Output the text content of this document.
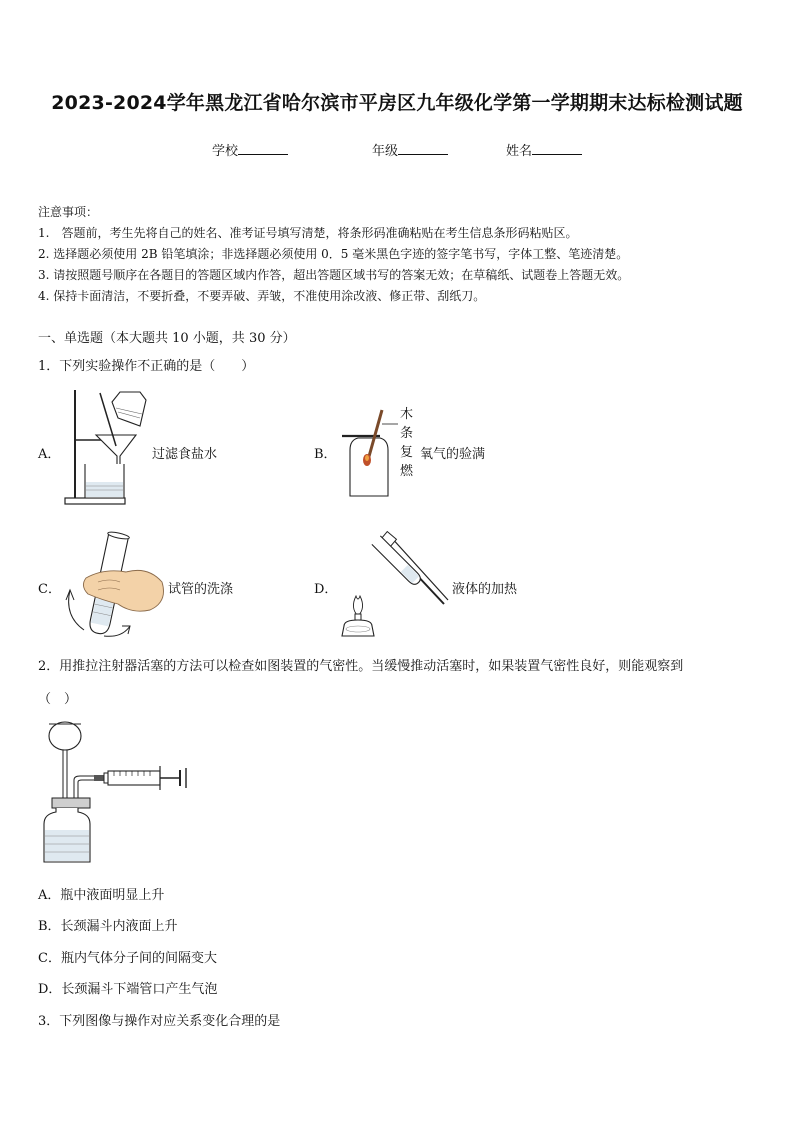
2023-2024学年黑龙江省哈尔滨市平房区九年级化学第一学期期末达标检测试题
学校	年级	姓名
注意事项：
1.　答题前，考生先将自己的姓名、准考证号填写清楚，将条形码准确粘贴在考生信息条形码粘贴区。
2. 选择题必须使用 2B 铅笔填涂；非选择题必须使用 0．5 毫米黑色字迹的签字笔书写，字体工整、笔迹清楚。
3. 请按照题号顺序在各题目的答题区域内作答，超出答题区域书写的答案无效；在草稿纸、试题卷上答题无效。
4. 保持卡面清洁，不要折叠，不要弄破、弄皱，不准使用涂改液、修正带、刮纸刀。
一、单选题（本大题共 10 小题，共 30 分）
1．下列实验操作不正确的是（　　）
A．	过滤食盐水	B．
木
条
复
燃
氧气的验满
C．	试管的洗涤	D．	液体的加热
2．用推拉注射器活塞的方法可以检查如图装置的气密性。当缓慢推动活塞时，如果装置气密性良好，则能观察到
（　）
A．瓶中液面明显上升
B．长颈漏斗内液面上升
C．瓶内气体分子间的间隔变大
D．长颈漏斗下端管口产生气泡
3．下列图像与操作对应关系变化合理的是
